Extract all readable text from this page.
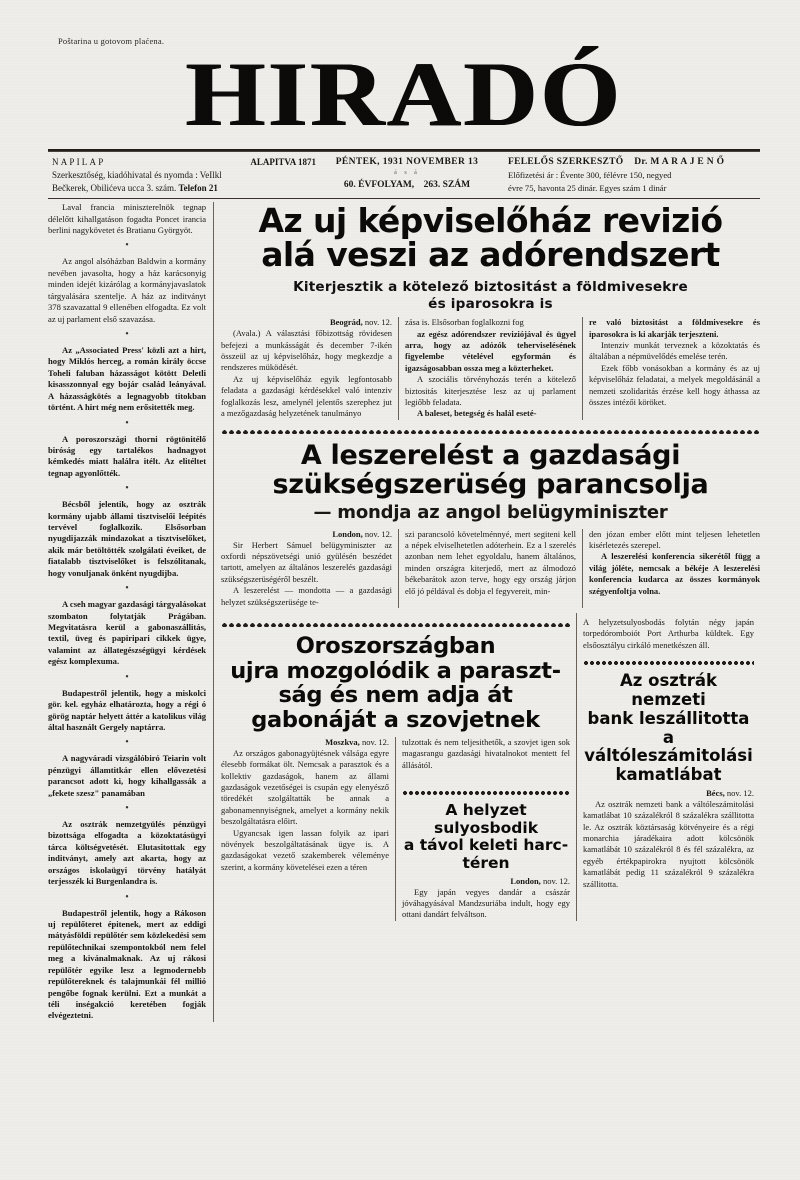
Poštarina u gotovom plaćena.
HIRADÓ
NAPILAP	ALAPITVA 1871
Szerkesztőség, kiadóhivatal és nyomda : VeIlkl
Bečkerek, Obilićeva ucca 3. szám. Telefon 21
PÉNTEK, 1931 NOVEMBER 13
á s á
60. ÉVFOLYAM, 263. SZÁM
FELELŐS SZERKESZTŐ Dr. M A R A J E N Ő
Előfizetési ár : Évente 300, félévre 150, negyed
évre 75, havonta 25 dinár. Egyes szám 1 dinár

Laval francia miniszterelnök tegnap délelőtt kihallgatáson fogadta Poncet irancia berlini nagykövetet és Bratianu Györgyöt.

•

Az angol alsóházban Baldwin a kormány nevében javasolta, hogy a ház karácsonyig minden idejét kizárólag a kormányjavaslatok tárgyalására szentelje. A ház az inditványt 378 szavazattal 9 ellenében elfogadta. Ez volt az uj parlament első szavazása.

•

Az „Associated Press' közli azt a hirt, hogy Miklós herceg, a román király öccse Toheli faluban házasságot kötött Deletli kisasszonnyal egy bojár család leányával. A házasságkötés a legnagyobb titokban történt. A hirt még nem erősitették meg.

•

A poroszországi thorni rögtönitélő biróság egy tartalékos hadnagyot kémkedés miatt halálra itélt. Az elitéltet tegnap agyonlőtték.

•

Bécsből jelentik, hogy az osztrák kormány ujabb állami tisztviselői leépités tervével foglalkozik. Elsősorban nyugdijazzák mindazokat a tisztviselőket, akik már betöltötték szolgálati éveiket, de fiatalabb tisztviselőket is felszólitanak, hogy vonuljanak önként nyugdijba.

•

A cseh magyar gazdasági tárgyalásokat szombaton folytatják Prágában. Megvitatásra kerül a gabonaszállitás, textil, üveg és papiripari cikkek ügye, valamint az állategészségügyi kérdések egész komplexuma.

•

Budapestről jelentik, hogy a miskolci gör. kel. egyház elhatározta, hogy a régi ó görög naptár helyett áttér a katolikus világ által használt Gergely naptárra.

•

A nagyváradi vizsgálóbiró Teiarin volt pénzügyi államtitkár ellen elővezetési parancsot adott ki, hogy kihallgassák a „fekete szesz" panamában

•

Az osztrák nemzetgyülés pénzügyi bizottsága elfogadta a közoktatásügyi tárca költségvetését. Elutasitottak egy inditványt, amely azt akarta, hogy az országos iskolaügyi törvény hatályát terjesszék ki Burgenlandra is.

•

Budapestről jelentik, hogy a Rákoson uj repülőteret épitenek, mert az eddigi mátyásföldi repülőtér sem közlekedési sem repülőtechnikai szempontokból nem felel meg a kivánalmaknak. Az uj rákosi repülőtér egyike lesz a legmodernebb repülőtereknek és talajmunkái fél millió pengőbe fognak kerülni. Ezt a munkát a téli inségakció keretében fogják elvégeztetni.

Az uj képviselőház revizió
alá veszi az adórendszert
Kiterjesztik a kötelező biztositást a földmivesekre
és iparosokra is

Beográd, nov. 12.

(Avala.) A választási főbizottság rövidesen befejezi a munkásságát és december 7-ikén összeül az uj képviselőház, hogy megkezdje a rendszeres müködését.

Az uj képviselőház egyik legfontosabb feladata a gazdasági kérdésekkel való intenziv foglalkozás lesz, amelynél jelentős szerephez jut a mezőgazdaság helyzetének tanulmányo

zása is. Elsősorban foglalkozni fog

az egész adórendszer reviziójával és ügyel arra, hogy az adózók teherviselésének figyelembe vételével egyformán és igazságosabban ossza meg a közterheket.

A szociális törvényhozás terén a kötelező biztositás kiterjesztése lesz az uj parlament legiőbb feladata.

A baleset, betegség és halál eseté-

re való biztositást a földmivesekre és iparosokra is ki akarják terjeszteni.

Intenziv munkát terveznek a közoktatás és általában a népmüvelődés emelése terén.

Ezek főbb vonásokban a kormány és az uj képviselőház feladatai, a melyek megoldásánál a nemzeti szolidaritás érzése kell hogy áthassa az összes intézői köröket.

A leszerelést a gazdasági
szükségszerüség parancsolja
— mondja az angol belügyminiszter

London, nov. 12.

Sir Herbert Sámuel belügyminiszter az oxfordi népszövetségi unió gyülésén beszédet tartott, amelyen az általános leszerelés gazdasági szükségszerüségéről beszélt.

A leszerelést — mondotta — a gazdasági helyzet szükségszerüsége te-

szi parancsoló követelménnyé, mert segiteni kell a népek elviselhetetlen adóterhein. Ez a l szerelés azonban nem lehet egyoldalu, hanem általános, minden országra kiterjedő, mert az álmodozó békebarátok azon terve, hogy egy ország járjon elő jó példával és dobja el fegyvereit, min-

den józan ember előtt mint teljesen lehetetlen kisérletezés szerepel.

A leszerelési konferencia sikerétől függ a világ jóléte, nemcsak a békéje A leszerelési konferencia kudarca az összes kormányok szégyenfoltja volna.

Oroszországban
ujra mozgolódik a paraszt-
ság és nem adja át
gabonáját a szovjetnek

Moszkva, nov. 12.

Az országos gabonagyüjtésnek válsága egyre élesebb formákat ölt. Nemcsak a parasztok és a kollektiv gazdaságok, hanem az állami gazdaságok vezetőségei is csupán egy elenyésző töredékét szolgáltatták be annak a gabonamennyiségnek, amelyet a kormány nekik beszolgáltatásra előirt.

Ugyancsak igen lassan folyik az ipari növények beszolgáltatásának ügye is. A gazdaságokat vezető szakemberek véleménye szerint, a kormány követelései ezen a téren

tulzottak és nem teljesithetők, a szovjet igen sok magasrangu gazdasági hivatalnokot mentett fel állásától.

A helyzet sulyosbodik
a távol keleti harc-
téren

London, nov. 12.

Egy japán vegyes dandár a császár jóváhagyásával Mandzsuriába indult, hogy egy ottani dandárt felváltson.

A helyzetsulyosbodás folytán négy japán torpedóromboiót Port Arthurba küldtek. Egy elsőosztályu cirkáló menetkészen áll.

Az osztrák nemzeti
bank leszállitotta
a váltóleszámitolási
kamatlábat

Bécs, nov. 12.

Az osztrák nemzeti bank a váltóleszámitolási kamatlábat 10 százalékról 8 százalékra szállitotta le. Az osztrák köztársaság kötvényeire és a régi monarchia járadékaira adott kölcsönök kamatlábát 10 százalékról 8 és fél százalékra, az egyéb értékpapirokra nyujtott kölcsönök kamatlábát pedig 11 százalékról 9 százalékra szállitotta.
